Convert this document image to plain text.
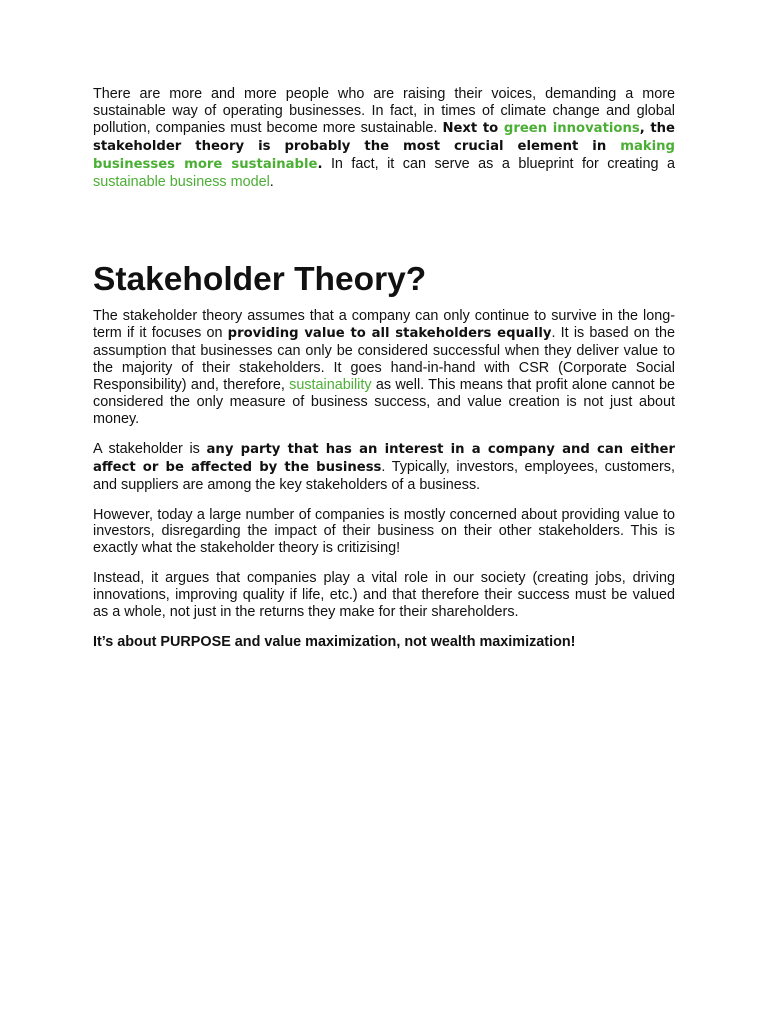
There are more and more people who are raising their voices, demanding a more sustainable way of operating businesses. In fact, in times of climate change and global pollution, companies must become more sustainable. Next to green innovations, the stakeholder theory is probably the most crucial element in making businesses more sustainable. In fact, it can serve as a blueprint for creating a sustainable business model.

Stakeholder Theory?

The stakeholder theory assumes that a company can only continue to survive in the long-term if it focuses on providing value to all stakeholders equally. It is based on the assumption that businesses can only be considered successful when they deliver value to the majority of their stakeholders. It goes hand-in-hand with CSR (Corporate Social Responsibility) and, therefore, sustainability as well. This means that profit alone cannot be considered the only measure of business success, and value creation is not just about money.

A stakeholder is any party that has an interest in a company and can either affect or be affected by the business. Typically, investors, employees, customers, and suppliers are among the key stakeholders of a business.

However, today a large number of companies is mostly concerned about providing value to investors, disregarding the impact of their business on their other stakeholders. This is exactly what the stakeholder theory is critizising!

Instead, it argues that companies play a vital role in our society (creating jobs, driving innovations, improving quality if life, etc.) and that therefore their success must be valued as a whole, not just in the returns they make for their shareholders.

It’s about PURPOSE and value maximization, not wealth maximization!
